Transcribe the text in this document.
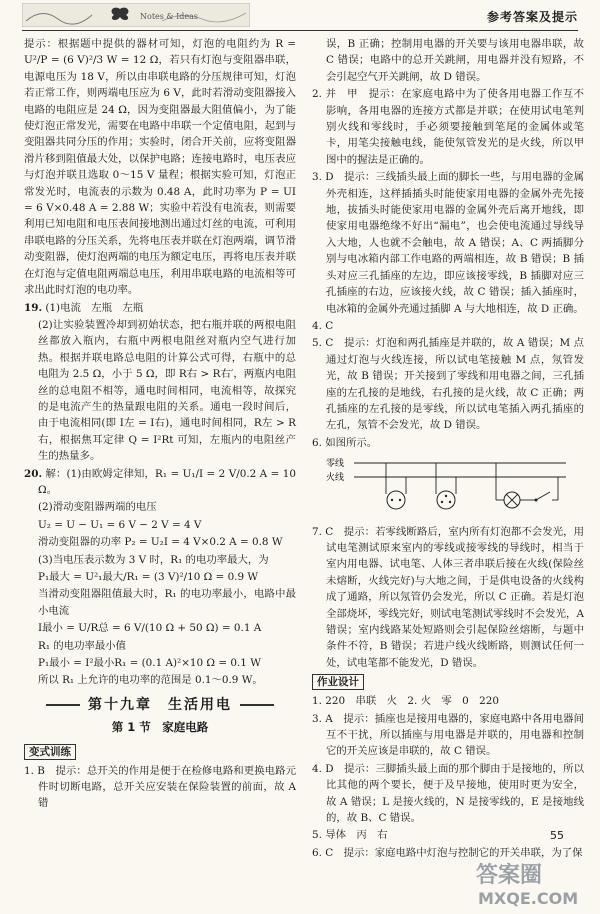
Notes & Ideas	参考答案及提示

提示：根据题中提供的器材可知，灯泡的电阻约为 R = U²/P = (6 V)²/3 W = 12 Ω，若只有灯泡与变阻器串联，电源电压为 18 V，所以由串联电路的分压规律可知，灯泡若正常工作，则两端电压应为 6 V，此时若滑动变阻器接入电路的电阻应是 24 Ω，因为变阻器最大阻值偏小，为了能使灯泡正常发光，需要在电路中串联一个定值电阻，起到与变阻器共同分压的作用；实验时，闭合开关前，应将变阻器滑片移到阻值最大处，以保护电路；连接电路时，电压表应与灯泡并联且选取 0～15 V 量程；根据实验可知，灯泡正常发光时，电流表的示数为 0.48 A，此时功率为 P = UI = 6 V×0.48 A = 2.88 W；实验中若没有电流表，则需要利用已知电阻和电压表间接地测出通过灯丝的电流，可利用串联电路的分压关系，先将电压表并联在灯泡两端，调节滑动变阻器，使灯泡两端的电压为额定电压，再将电压表并联在灯泡与定值电阻两端总电压，利用串联电路的电流相等可求出此时灯泡的电功率。

19. (1)电流　左瓶　左瓶

(2)让实验装置冷却到初始状态，把右瓶并联的两根电阻丝都放入瓶内，右瓶中两根电阻丝对瓶内空气进行加热。根据并联电路总电阻的计算公式可得，右瓶中的总电阻为 2.5 Ω，小于 5 Ω，即 R右 > R右′，两瓶内电阻丝的总电阻不相等，通电时间相同，电流相等，故探究的是电流产生的热量跟电阻的关系。通电一段时间后，由于电流相同(即 I左 = I右)，通电时间相同，R左 > R右，根据焦耳定律 Q = I²Rt 可知，左瓶内的电阻丝产生的热量多。

20. 解：(1)由欧姆定律知，R₁ = U₁/I = 2 V/0.2 A = 10 Ω。

(2)滑动变阻器两端的电压

U₂ = U − U₁ = 6 V − 2 V = 4 V

滑动变阻器的功率 P₂ = U₂I = 4 V×0.2 A = 0.8 W

(3)当电压表示数为 3 V 时，R₁ 的电功率最大，为

P₁最大 = U²₁最大/R₁ = (3 V)²/10 Ω = 0.9 W

当滑动变阻器阻值最大时，R₁ 的电功率最小，电路中最小电流

I最小 = U/R总 = 6 V/(10 Ω + 50 Ω) = 0.1 A

R₁ 的电功率最小值

P₁最小 = I²最小R₁ = (0.1 A)²×10 Ω = 0.1 W

所以 R₁ 上允许的电功率的范围是 0.1～0.9 W。

第十九章　生活用电
第 1 节　家庭电路
变式训练

1. B　提示：总开关的作用是便于在检修电路和更换电路元件时切断电路，总开关应安装在保险装置的前面，故 A 错

误，B 正确；控制用电器的开关要与该用电器串联，故 C 错误；电路中的总开关跳闸，用电器并没有短路，不会引起空气开关跳闸，故 D 错误。

2. 并　甲　提示：在家庭电路中为了使各用电器工作互不影响，各用电器的连接方式都是并联；在使用试电笔判别火线和零线时，手必须要接触到笔尾的金属体或笔卡，用笔尖接触电线，能使氖管发光的是火线，所以甲图中的握法是正确的。

3. D　提示：三线插头最上面的脚长一些，与用电器的金属外壳相连，这样插插头时能使家用电器的金属外壳先接地，拔插头时能使家用电器的金属外壳后离开地线，即使家用电器绝缘不好出“漏电”，也会使电流通过导线导入大地，人也就不会触电，故 A 错误；A、C 两插脚分别与电冰箱内部工作电路的两端相连，故 B 错误；B 插头对应三孔插座的左边，即应该接零线，B 插脚对应三孔插座的右边，应该接火线，故 C 错误；插入插座时，电冰箱的金属外壳通过插脚 A 与大地相连，故 D 正确。

4. C

5. C　提示：灯泡和两孔插座是并联的，故 A 错误；M 点通过灯泡与火线连接，所以试电笔接触 M 点，氖管发光，故 B 错误；开关接到了零线和用电器之间，三孔插座的左孔接的是地线，右孔接的是火线，故 C 正确；两孔插座的左孔接的是零线，所以试电笔插入两孔插座的左孔，氖管不会发光，故 D 错误。

6. 如图所示。

零线
火线

7. C　提示：若零线断路后，室内所有灯泡都不会发光，用试电笔测试原来室内的零线或接零线的导线时，相当于室内用电器、试电笔、人体三者串联后接在火线(保险丝未熔断，火线完好)与大地之间，于是供电设备的火线构成了通路，所以氖管仍会发光，所以 C 正确。若是灯泡全部烧坏，零线完好，则试电笔测试零线时不会发光，A 错误；室内线路某处短路则会引起保险丝熔断，与题中条件不符，B 错误；若进户线火线断路，则测试任何一处，试电笔都不能发光，D 错误。

作业设计

1. 220　串联　火　2. 火　零　0　220

3. A　提示：插座也是接用电器的，家庭电路中各用电器间互不干扰，所以插座与用电器是并联的，用电器和控制它的开关应该是串联的，故 C 错误。

4. D　提示：三脚插头最上面的那个脚由于是接地的，所以比其他的两个要长，便于及早接地，使用时更为安全，故 A 错误；L 是接火线的，N 是接零线的，E 是接地线的，故 B、C 错误。

5. 导体　丙　右

6. C　提示：家庭电路中灯泡与控制它的开关串联，为了保

55
答案圈
MXQE.COM
